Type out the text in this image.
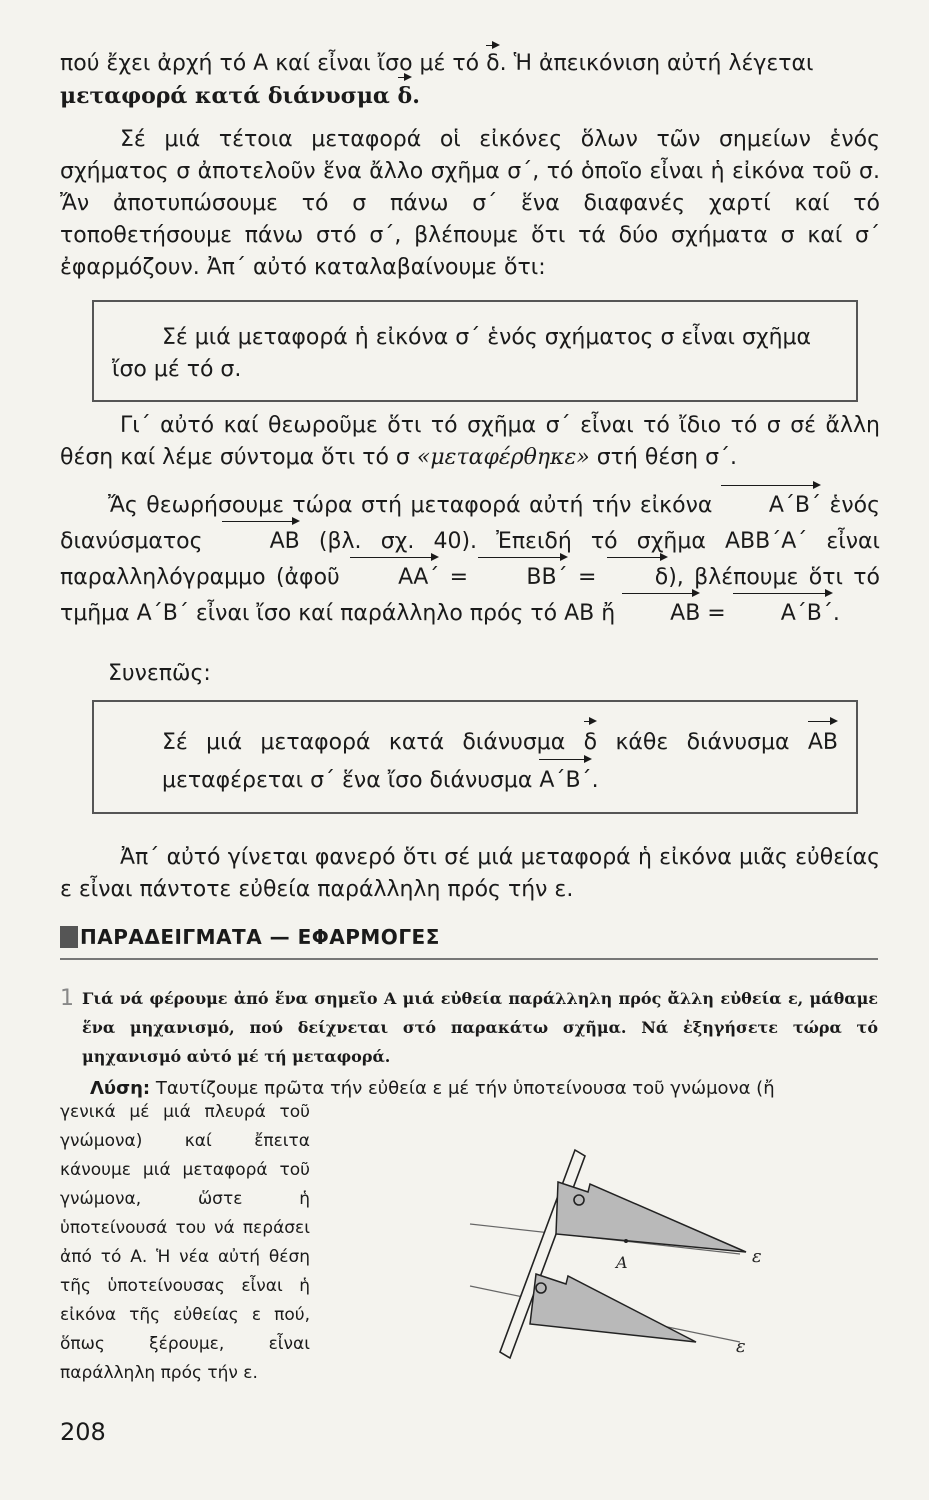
πού ἔχει ἀρχή τό Α καί εἶναι ἴσο μέ τό δ. Ἡ ἀπεικόνιση αὐτή λέγεται
μεταφορά κατά διάνυσμα δ.

Σέ μιά τέτοια μεταφορά οἱ εἰκόνες ὅλων τῶν σημείων ἑνός σχήματος σ ἀποτελοῦν ἕνα ἄλλο σχῆμα σ΄, τό ὁποῖο εἶναι ἡ εἰκόνα τοῦ σ. Ἄν ἀποτυπώσουμε τό σ πάνω σ΄ ἕνα διαφανές χαρτί καί τό τοποθετήσουμε πάνω στό σ΄, βλέπουμε ὅτι τά δύο σχήματα σ καί σ΄ ἐφαρμόζουν. Ἀπ΄ αὐτό καταλαβαίνουμε ὅτι:

Σέ μιά μεταφορά ἡ εἰκόνα σ΄ ἑνός σχήματος σ εἶναι σχῆμα

ἴσο μέ τό σ.

Γι΄ αὐτό καί θεωροῦμε ὅτι τό σχῆμα σ΄ εἶναι τό ἴδιο τό σ σέ ἄλλη θέση καί λέμε σύντομα ὅτι τό σ «μεταφέρθηκε» στή θέση σ΄.

Ἄς θεωρήσουμε τώρα στή μεταφορά αὐτή τήν εἰκόνα Α΄Β΄ ἑνός διανύσματος ΑΒ (βλ. σχ. 40). Ἐπειδή τό σχῆμα ΑΒΒ΄Α΄ εἶναι παραλληλόγραμμο (ἀφοῦ ΑΑ΄ = ΒΒ΄ = δ), βλέπουμε ὅτι τό τμῆμα Α΄Β΄ εἶναι ἴσο καί παράλληλο πρός τό ΑΒ ἤ ΑΒ = Α΄Β΄.

Συνεπῶς:

Σέ μιά μεταφορά κατά διάνυσμα δ κάθε διάνυσμα ΑΒ μεταφέρεται σ΄ ἕνα ἴσο διάνυσμα Α΄Β΄.

Ἀπ΄ αὐτό γίνεται φανερό ὅτι σέ μιά μεταφορά ἡ εἰκόνα μιᾶς εὐθείας ε εἶναι πάντοτε εὐθεία παράλληλη πρός τήν ε.

ΠΑΡΑΔΕΙΓΜΑΤΑ — ΕΦΑΡΜΟΓΕΣ
1 Γιά νά φέρουμε ἀπό ἕνα σημεῖο Α μιά εὐθεία παράλληλη πρός ἄλλη εὐθεία ε, μάθαμε ἕνα μηχανισμό, πού δείχνεται στό παρακάτω σχῆμα. Νά ἐξηγήσετε τώρα τό μηχανισμό αὐτό μέ τή μεταφορά.

Λύση: Ταυτίζουμε πρῶτα τήν εὐθεία ε μέ τήν ὑποτείνουσα τοῦ γνώμονα (ἤ

γενικά μέ μιά πλευρά τοῦ γνώμονα) καί ἔπειτα κάνουμε μιά μεταφορά τοῦ γνώμονα, ὥστε ἡ ὑποτείνουσά του νά περάσει ἀπό τό Α. Ἡ νέα αὐτή θέση τῆς ὑποτείνουσας εἶναι ἡ εἰκόνα τῆς εὐθείας ε πού, ὅπως ξέρουμε, εἶναι παράλληλη πρός τήν ε.

A	ε
ε
208
